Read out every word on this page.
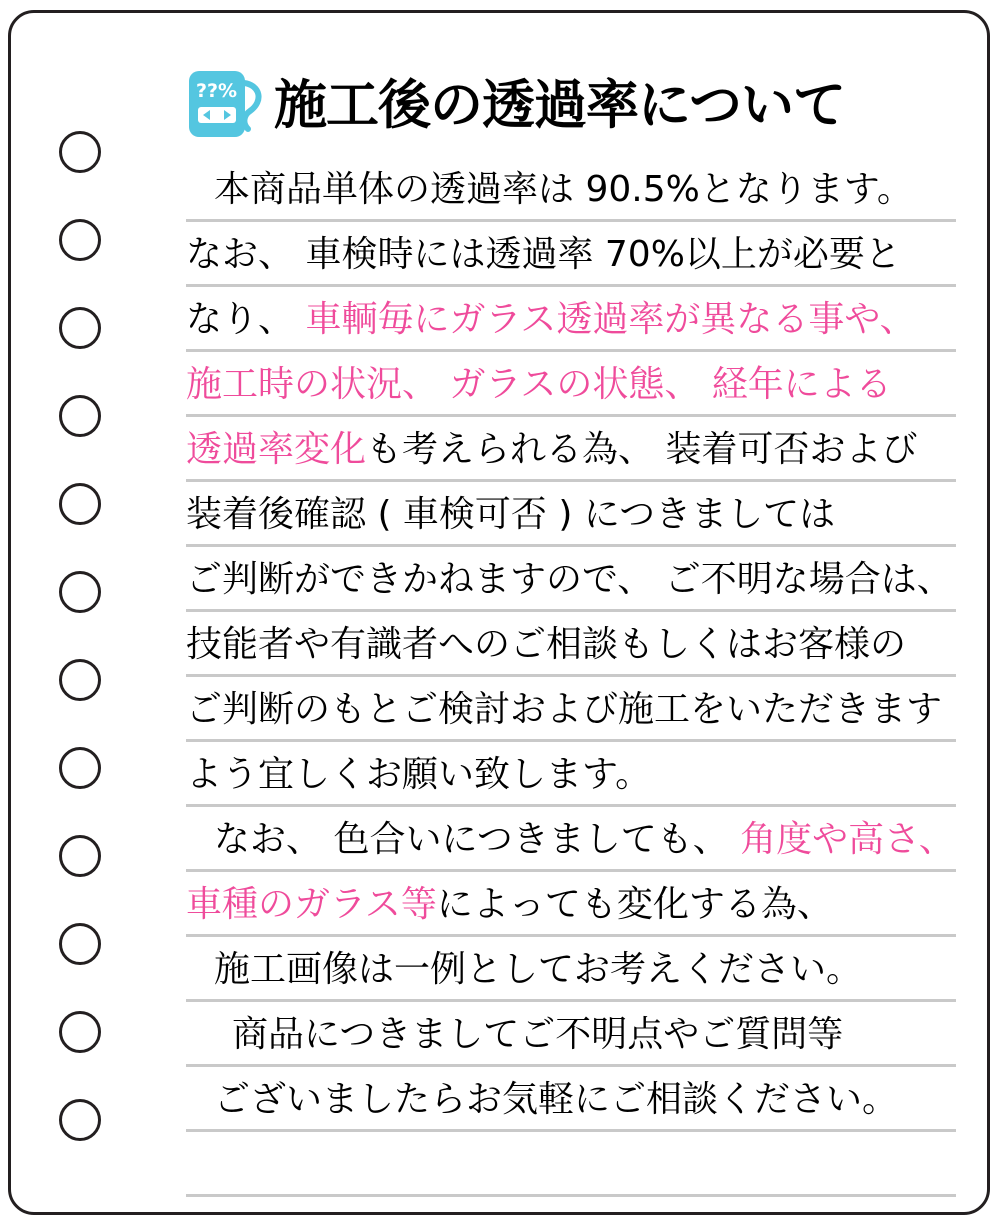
??% 施工後の透過率について
本商品単体の透過率は 90.5%となります。
なお、 車検時には透過率 70%以上が必要と
なり、 車輌毎にガラス透過率が異なる事や、
施工時の状況、 ガラスの状態、 経年による
透過率変化も考えられる為、 装着可否および
装着後確認 ( 車検可否 ) につきましては
ご判断ができかねますので、 ご不明な場合は、
技能者や有識者へのご相談もしくはお客様の
ご判断のもとご検討および施工をいただきます
よう宜しくお願い致します。
なお、 色合いにつきましても、 角度や高さ、
車種のガラス等によっても変化する為、
施工画像は一例としてお考えください。
商品につきましてご不明点やご質問等
ございましたらお気軽にご相談ください。
